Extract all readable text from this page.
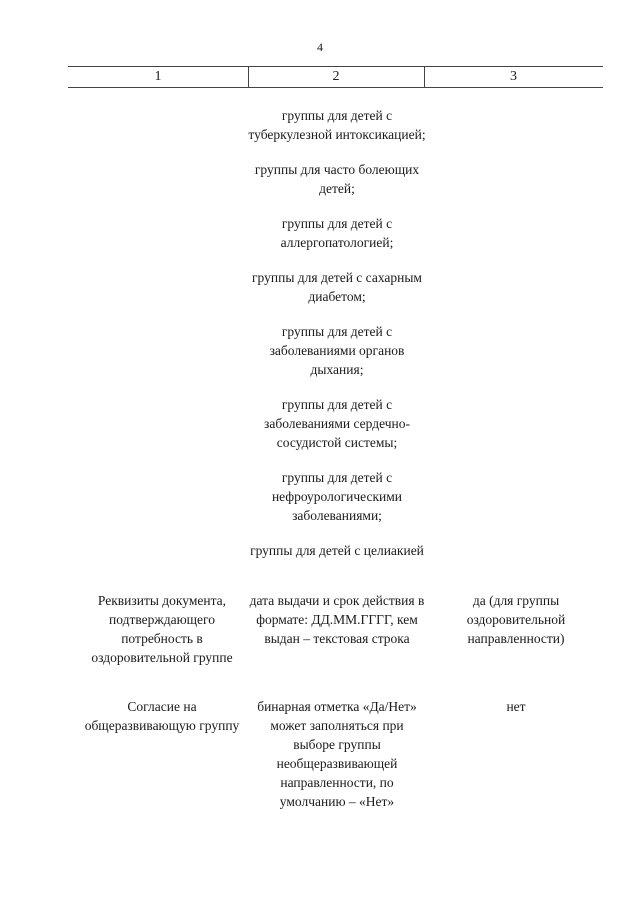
4
1	2	3

группы для детей с туберкулезной интоксикацией;

группы для часто болеющих детей;

группы для детей с аллергопатологией;

группы для детей с сахарным диабетом;

группы для детей с заболеваниями органов дыхания;

группы для детей с заболеваниями сердечно-сосудистой системы;

группы для детей с нефроурологическими заболеваниями;

группы для детей с целиакией

Реквизиты документа, подтверждающего потребность в оздоровительной группе
дата выдачи и срок действия в формате: ДД.ММ.ГГГГ, кем выдан – текстовая строка
да (для группы оздоровительной направленности)
Согласие на общеразвивающую группу
бинарная отметка «Да/Нет» может заполняться при выборе группы необщеразвивающей направленности, по умолчанию – «Нет»
нет
